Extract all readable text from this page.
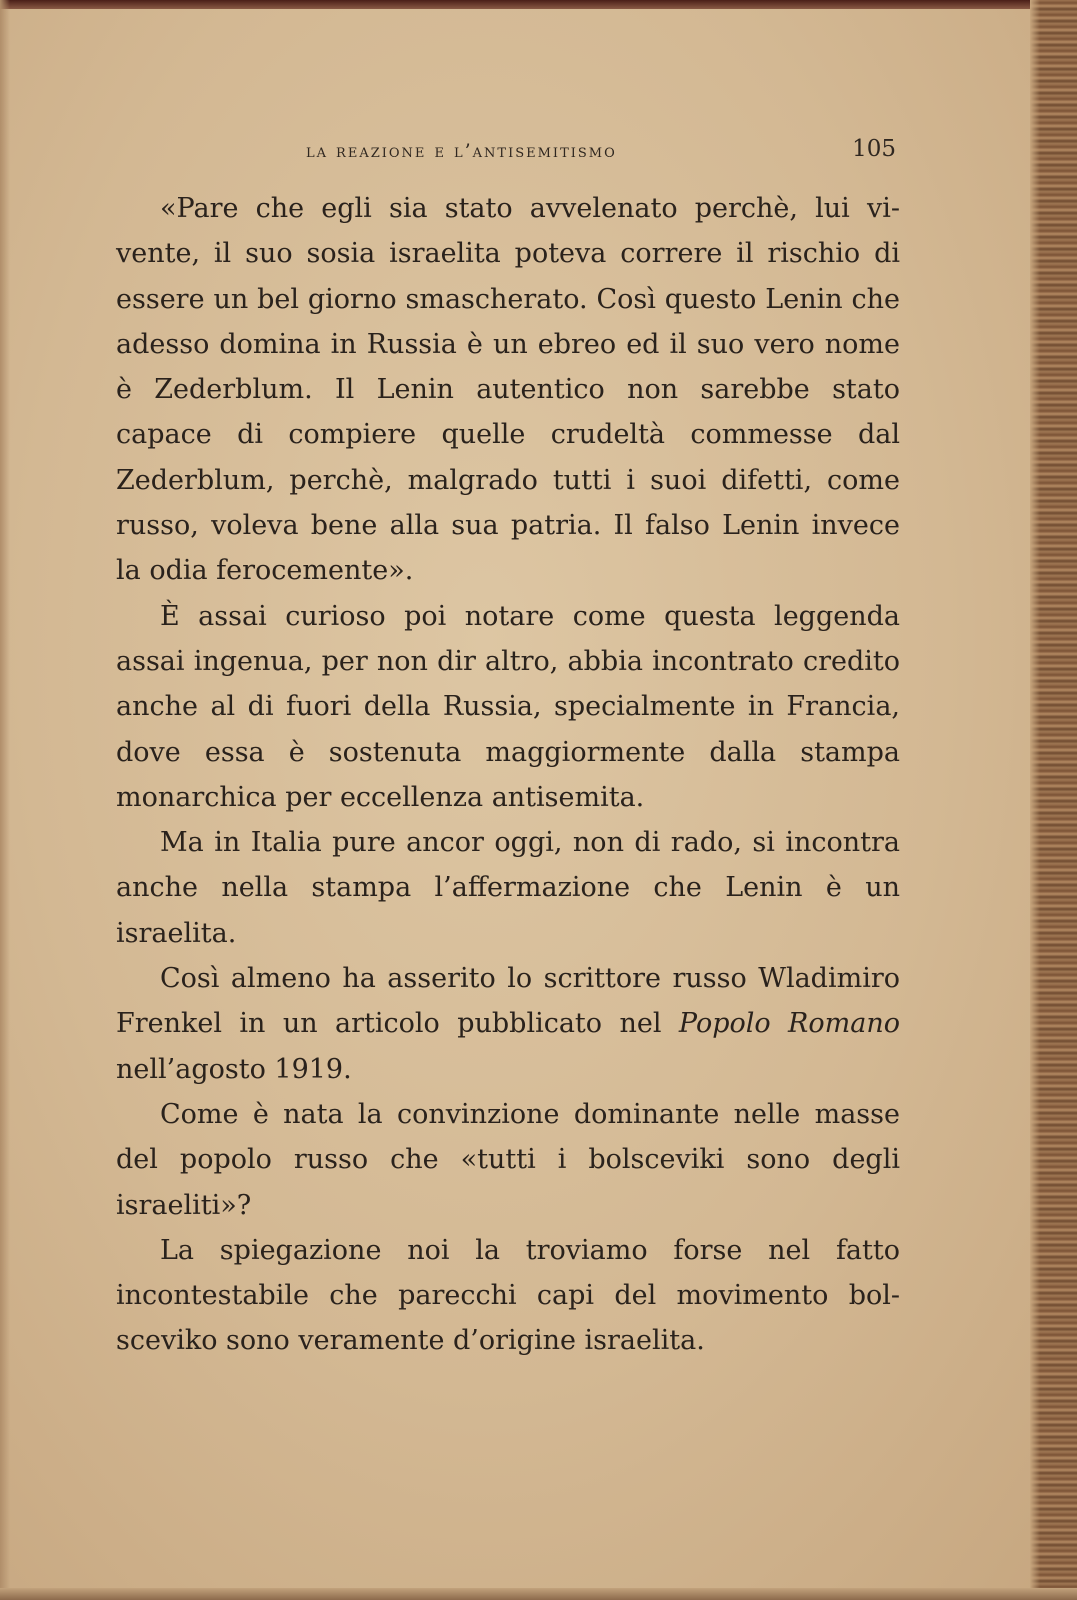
la reazione e l’antisemitismo	105

«Pare che egli sia stato avvelenato perchè, lui vivente, il suo sosia israelita poteva correre il rischio di essere un bel giorno smascherato. Così questo Lenin che adesso domina in Russia è un ebreo ed il suo vero nome è Zederblum. Il Lenin autentico non sarebbe stato capace di compiere quelle crudeltà commesse dal Zederblum, perchè, malgrado tutti i suoi difetti, come russo, voleva bene alla sua patria. Il falso Lenin invece la odia ferocemente».

È assai curioso poi notare come questa leggenda assai ingenua, per non dir altro, abbia incontrato credito anche al di fuori della Russia, specialmente in Francia, dove essa è sostenuta maggiormente dalla stampa monarchica per eccellenza antisemita.

Ma in Italia pure ancor oggi, non di rado, si incontra anche nella stampa l’affermazione che Lenin è un israelita.

Così almeno ha asserito lo scrittore russo Wladimiro Frenkel in un articolo pubblicato nel Popolo Romano nell’agosto 1919.

Come è nata la convinzione dominante nelle masse del popolo russo che «tutti i bolsceviki sono degli israeliti»?

La spiegazione noi la troviamo forse nel fatto incontestabile che parecchi capi del movimento bolsceviko sono veramente d’origine israelita.
